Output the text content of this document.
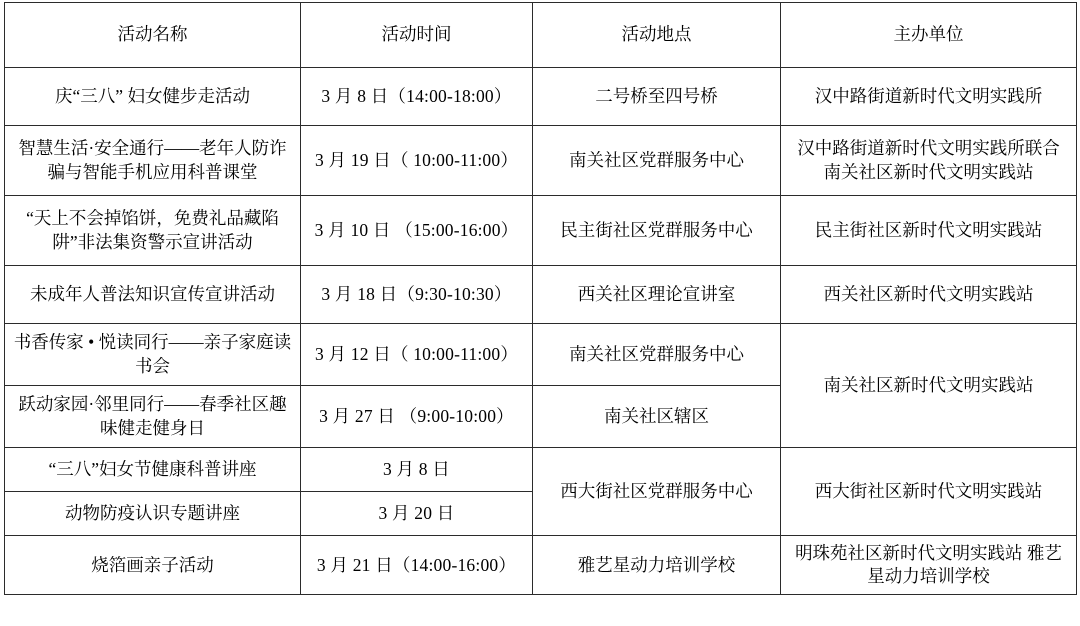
活动名称	活动时间	活动地点	主办单位
庆“三八” 妇女健步走活动	3 月 8 日（14:00-18:00）	二号桥至四号桥	汉中路街道新时代文明实践所
智慧生活·安全通行——老年人防诈骗与智能手机应用科普课堂	3 月 19 日（ 10:00-11:00）	南关社区党群服务中心	汉中路街道新时代文明实践所联合南关社区新时代文明实践站
“天上不会掉馅饼，免费礼品藏陷阱”非法集资警示宣讲活动	3 月 10 日 （15:00-16:00）	民主街社区党群服务中心	民主街社区新时代文明实践站
未成年人普法知识宣传宣讲活动	3 月 18 日（9:30-10:30）	西关社区理论宣讲室	西关社区新时代文明实践站
书香传家 • 悦读同行——亲子家庭读书会	3 月 12 日（ 10:00-11:00）	南关社区党群服务中心	南关社区新时代文明实践站
跃动家园·邻里同行——春季社区趣味健走健身日	3 月 27 日 （9:00-10:00）	南关社区辖区	
“三八”妇女节健康科普讲座	3 月 8 日	西大街社区党群服务中心	西大街社区新时代文明实践站
动物防疫认识专题讲座	3 月 20 日		
烧箔画亲子活动	3 月 21 日（14:00-16:00）	雅艺星动力培训学校	明珠苑社区新时代文明实践站 雅艺星动力培训学校
